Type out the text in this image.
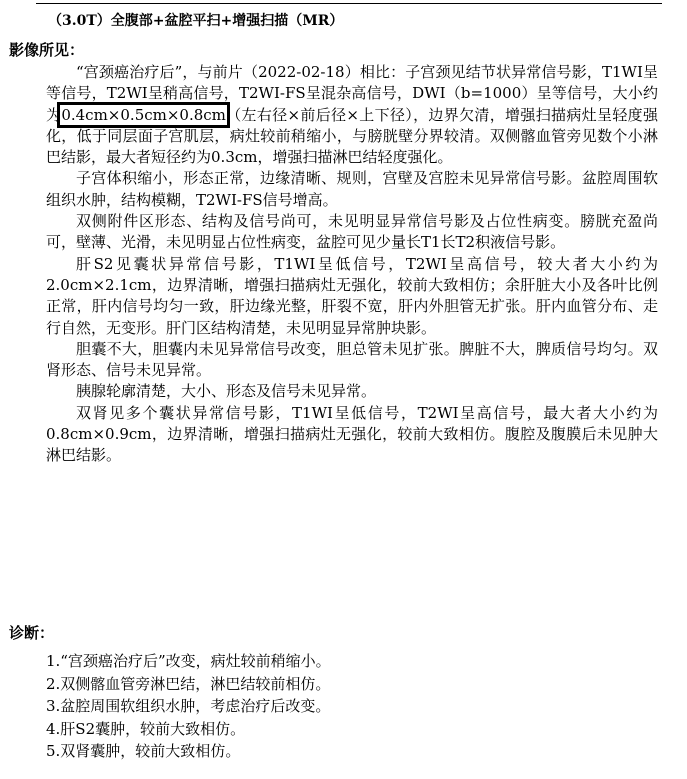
（3.0T）全腹部+盆腔平扫+增强扫描（MR）
影像所见：

“宫颈癌治疗后”，与前片（2022-02-18）相比：子宫颈见结节状异常信号影，T1WI呈等信号，T2WI呈稍高信号，T2WI-FS呈混杂高信号，DWI（b=1000）呈等信号，大小约为0.4cm×0.5cm×0.8cm（左右径×前后径×上下径），边界欠清，增强扫描病灶呈轻度强化，低于同层面子宫肌层，病灶较前稍缩小，与膀胱壁分界较清。双侧髂血管旁见数个小淋巴结影，最大者短径约为0.3cm，增强扫描淋巴结轻度强化。

子宫体积缩小，形态正常，边缘清晰、规则，宫壁及宫腔未见异常信号影。盆腔周围软组织水肿，结构模糊，T2WI-FS信号增高。

双侧附件区形态、结构及信号尚可，未见明显异常信号影及占位性病变。膀胱充盈尚可，壁薄、光滑，未见明显占位性病变，盆腔可见少量长T1长T2积液信号影。

肝S2见囊状异常信号影，T1WI呈低信号，T2WI呈高信号，较大者大小约为2.0cm×2.1cm，边界清晰，增强扫描病灶无强化，较前大致相仿；余肝脏大小及各叶比例正常，肝内信号均匀一致，肝边缘光整，肝裂不宽，肝内外胆管无扩张。肝内血管分布、走行自然，无变形。肝门区结构清楚，未见明显异常肿块影。

胆囊不大，胆囊内未见异常信号改变，胆总管未见扩张。脾脏不大，脾质信号均匀。双肾形态、信号未见异常。

胰腺轮廓清楚，大小、形态及信号未见异常。

双肾见多个囊状异常信号影，T1WI呈低信号，T2WI呈高信号，最大者大小约为0.8cm×0.9cm，边界清晰，增强扫描病灶无强化，较前大致相仿。腹腔及腹膜后未见肿大淋巴结影。

诊断：
1.“宫颈癌治疗后”改变，病灶较前稍缩小。
2.双侧髂血管旁淋巴结，淋巴结较前相仿。
3.盆腔周围软组织水肿，考虑治疗后改变。
4.肝S2囊肿，较前大致相仿。
5.双肾囊肿，较前大致相仿。
